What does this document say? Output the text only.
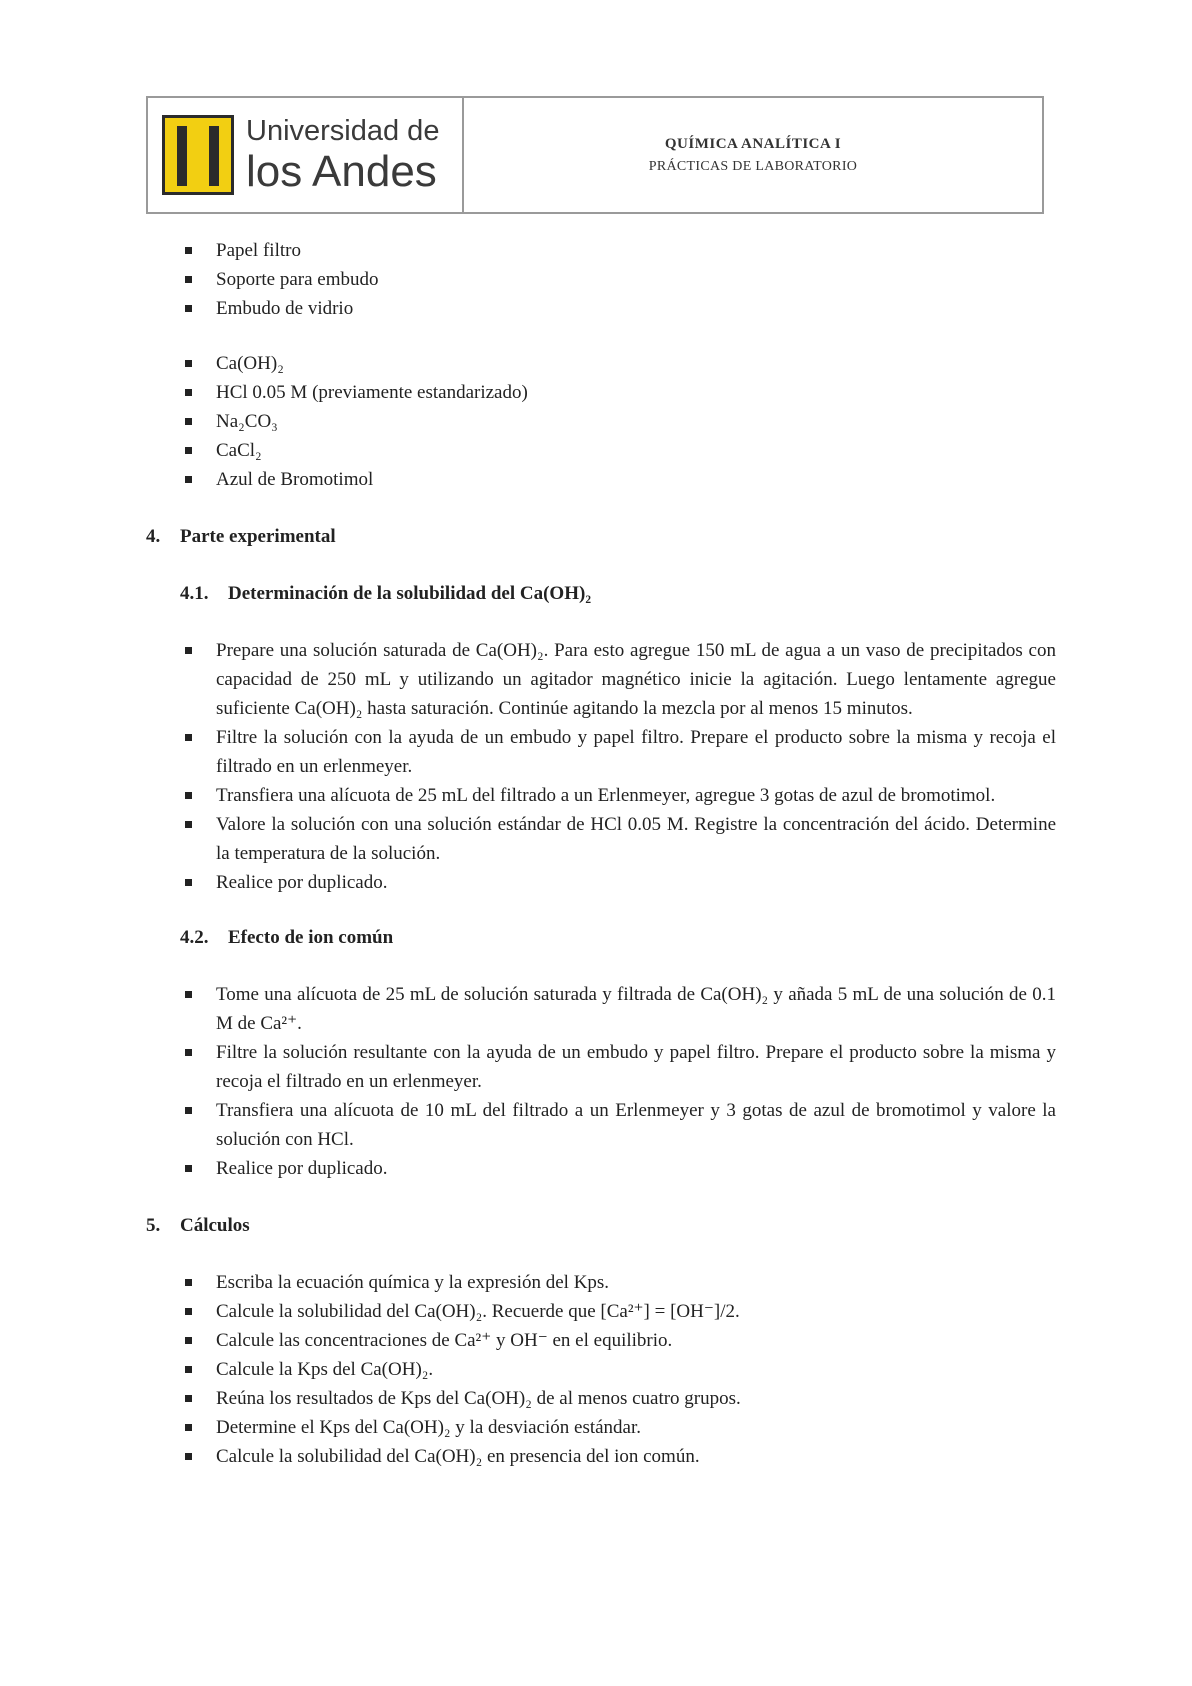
Universidad de
los Andes
QUÍMICA ANALÍTICA I
PRÁCTICAS DE LABORATORIO
Papel filtro
Soporte para embudo
Embudo de vidrio
Ca(OH)₂
HCl 0.05 M (previamente estandarizado)
Na₂CO₃
CaCl₂
Azul de Bromotimol
4.	Parte experimental
4.1. Determinación de la solubilidad del Ca(OH)₂
Prepare una solución saturada de Ca(OH)₂. Para esto agregue 150 mL de agua a un vaso de precipitados con capacidad de 250 mL y utilizando un agitador magnético inicie la agitación. Luego lentamente agregue suficiente Ca(OH)₂ hasta saturación. Continúe agitando la mezcla por al menos 15 minutos.
Filtre la solución con la ayuda de un embudo y papel filtro. Prepare el producto sobre la misma y recoja el filtrado en un erlenmeyer.
Transfiera una alícuota de 25 mL del filtrado a un Erlenmeyer, agregue 3 gotas de azul de bromotimol.
Valore la solución con una solución estándar de HCl 0.05 M. Registre la concentración del ácido. Determine la temperatura de la solución.
Realice por duplicado.
4.2. Efecto de ion común
Tome una alícuota de 25 mL de solución saturada y filtrada de Ca(OH)₂ y añada 5 mL de una solución de 0.1 M de Ca²⁺.
Filtre la solución resultante con la ayuda de un embudo y papel filtro. Prepare el producto sobre la misma y recoja el filtrado en un erlenmeyer.
Transfiera una alícuota de 10 mL del filtrado a un Erlenmeyer y 3 gotas de azul de bromotimol y valore la solución con HCl.
Realice por duplicado.
5.	Cálculos
Escriba la ecuación química y la expresión del Kps.
Calcule la solubilidad del Ca(OH)₂. Recuerde que [Ca²⁺] = [OH⁻]/2.
Calcule las concentraciones de Ca²⁺ y OH⁻ en el equilibrio.
Calcule la Kps del Ca(OH)₂.
Reúna los resultados de Kps del Ca(OH)₂ de al menos cuatro grupos.
Determine el Kps del Ca(OH)₂ y la desviación estándar.
Calcule la solubilidad del Ca(OH)₂ en presencia del ion común.
